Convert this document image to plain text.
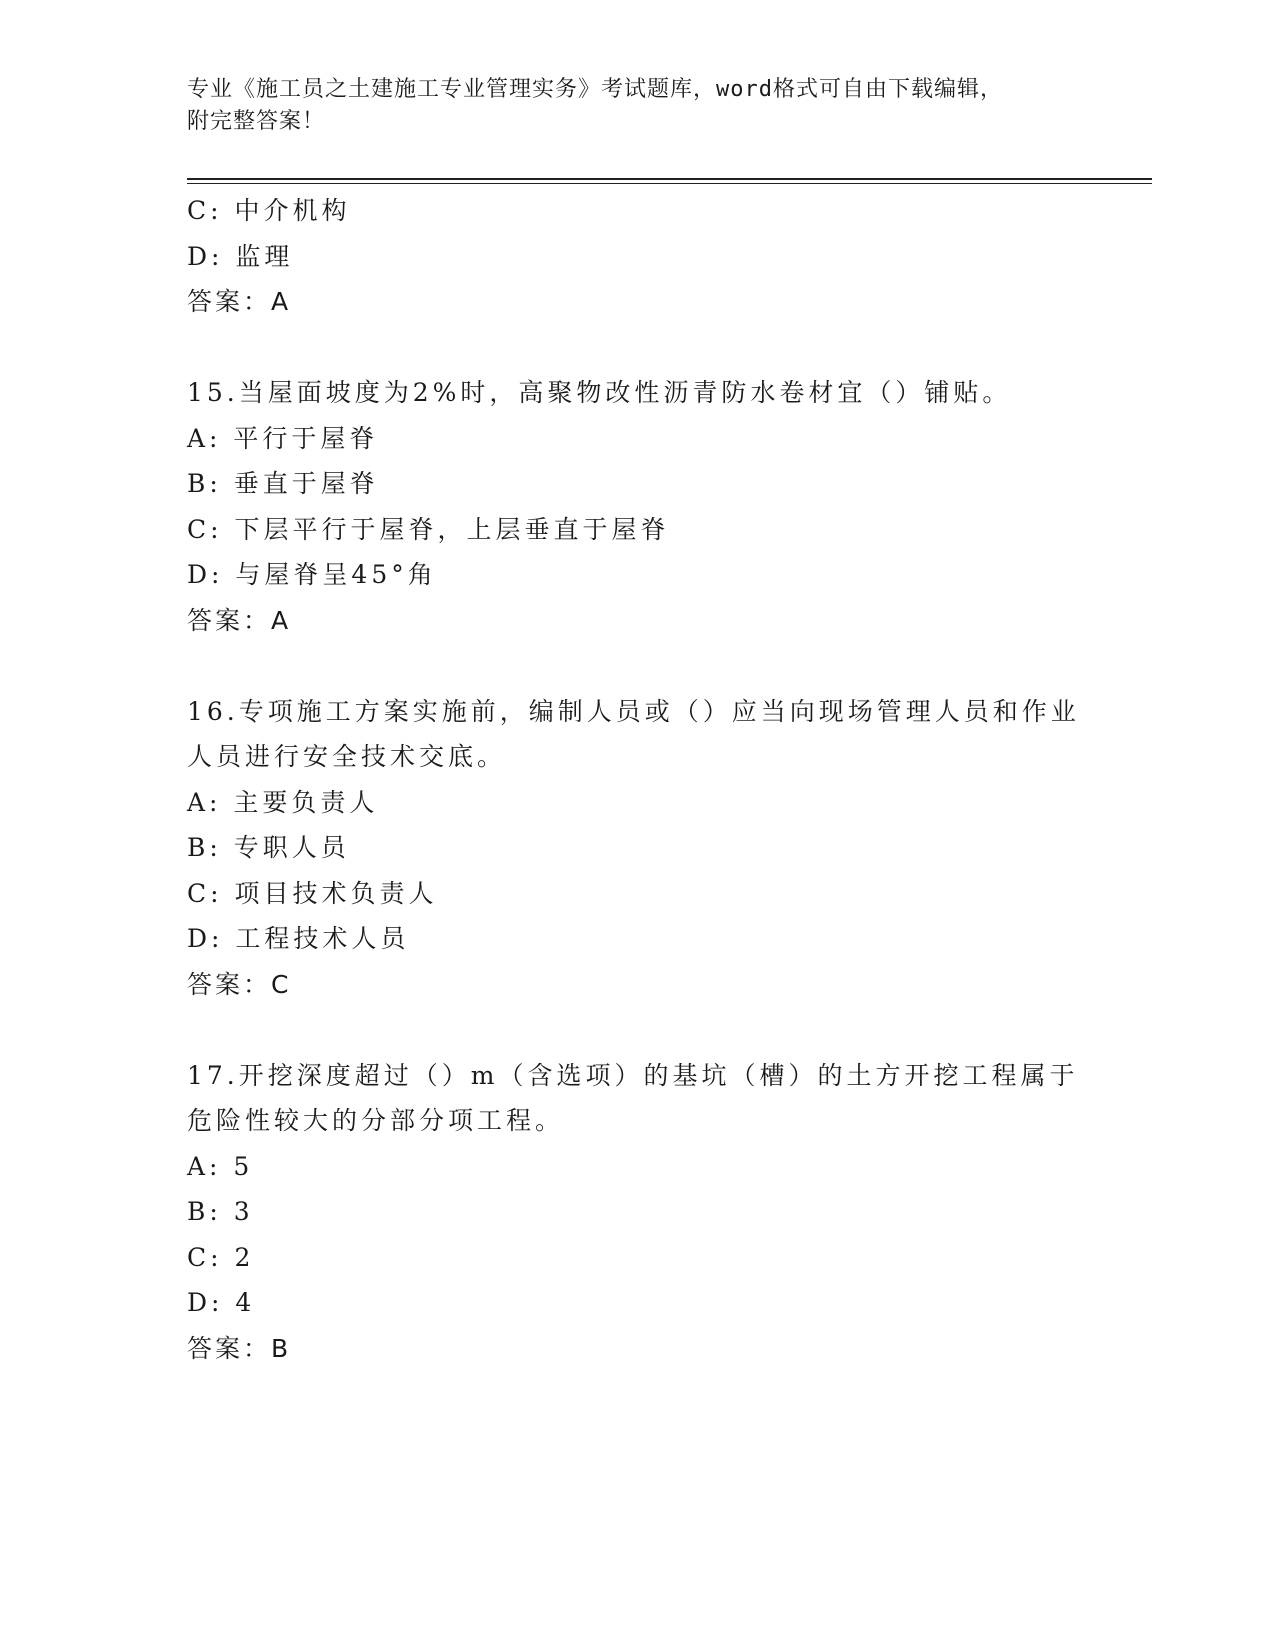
专业《施工员之土建施工专业管理实务》考试题库，word格式可自由下载编辑，
附完整答案！
C: 中介机构
D: 监理
答案：A
15.当屋面坡度为2%时，高聚物改性沥青防水卷材宜（）铺贴。
A: 平行于屋脊
B: 垂直于屋脊
C: 下层平行于屋脊，上层垂直于屋脊
D: 与屋脊呈45°角
答案：A
16.专项施工方案实施前，编制人员或（）应当向现场管理人员和作业
人员进行安全技术交底。
A: 主要负责人
B: 专职人员
C: 项目技术负责人
D: 工程技术人员
答案：C
17.开挖深度超过（）m（含选项）的基坑（槽）的土方开挖工程属于
危险性较大的分部分项工程。
A: 5
B: 3
C: 2
D: 4
答案：B
